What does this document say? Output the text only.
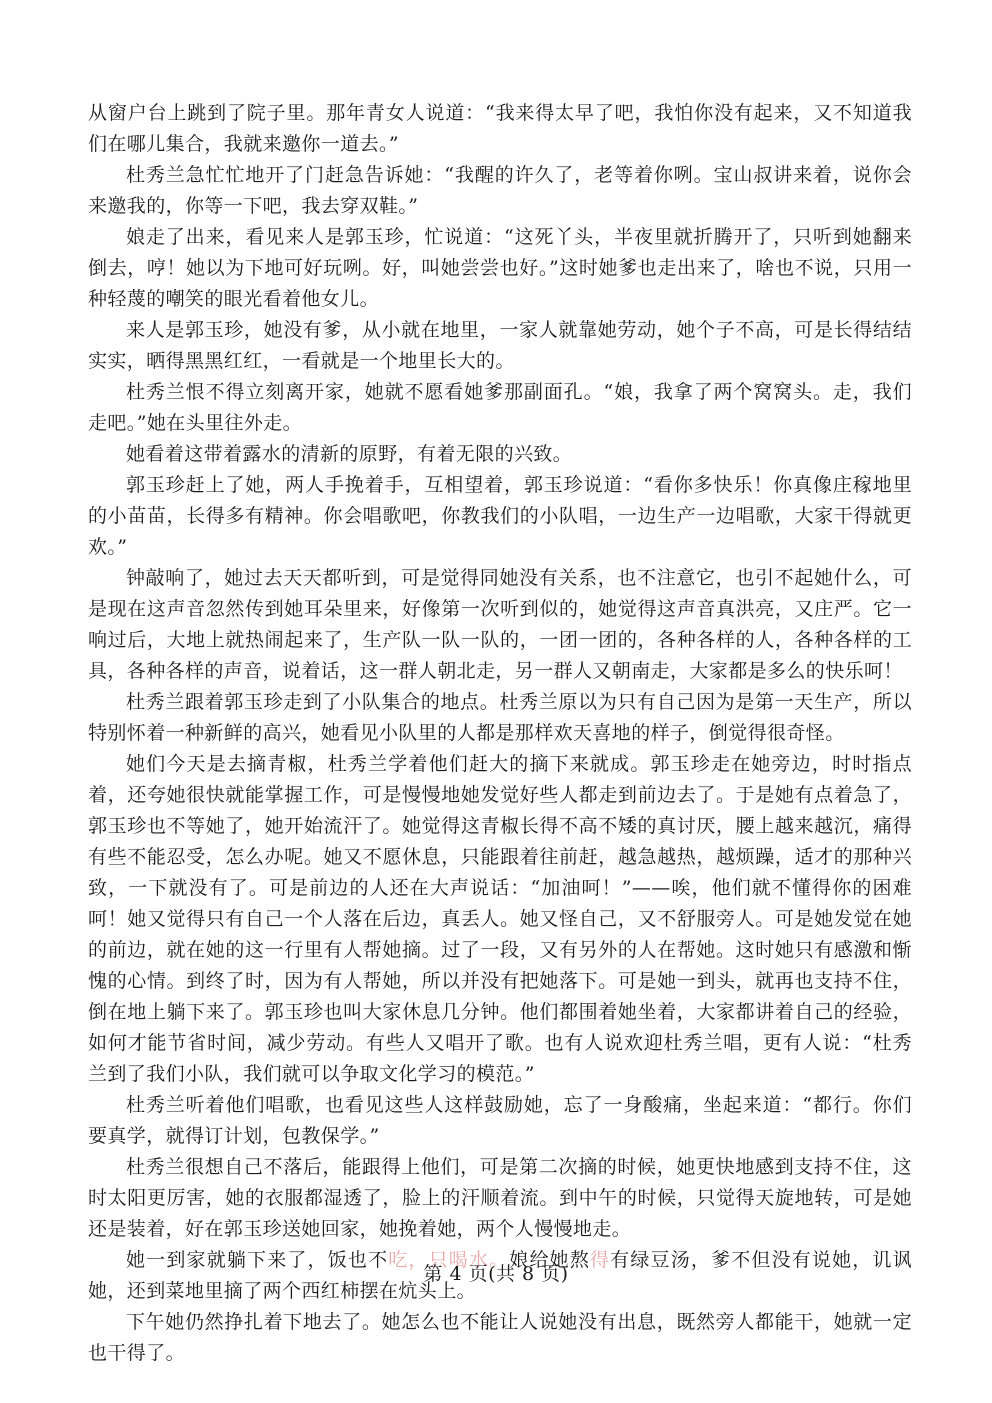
从窗户台上跳到了院子里。那年青女人说道：“我来得太早了吧，我怕你没有起来，又不知道我们在哪儿集合，我就来邀你一道去。”

杜秀兰急忙忙地开了门赶急告诉她：“我醒的许久了，老等着你咧。宝山叔讲来着，说你会来邀我的，你等一下吧，我去穿双鞋。”

娘走了出来，看见来人是郭玉珍，忙说道：“这死丫头，半夜里就折腾开了，只听到她翻来倒去，哼！她以为下地可好玩咧。好，叫她尝尝也好。”这时她爹也走出来了，啥也不说，只用一种轻蔑的嘲笑的眼光看着他女儿。

来人是郭玉珍，她没有爹，从小就在地里，一家人就靠她劳动，她个子不高，可是长得结结实实，晒得黑黑红红，一看就是一个地里长大的。

杜秀兰恨不得立刻离开家，她就不愿看她爹那副面孔。“娘，我拿了两个窝窝头。走，我们走吧。”她在头里往外走。

她看着这带着露水的清新的原野，有着无限的兴致。

郭玉珍赶上了她，两人手挽着手，互相望着，郭玉珍说道：“看你多快乐！你真像庄稼地里的小苗苗，长得多有精神。你会唱歌吧，你教我们的小队唱，一边生产一边唱歌，大家干得就更欢。”

钟敲响了，她过去天天都听到，可是觉得同她没有关系，也不注意它，也引不起她什么，可是现在这声音忽然传到她耳朵里来，好像第一次听到似的，她觉得这声音真洪亮，又庄严。它一响过后，大地上就热闹起来了，生产队一队一队的，一团一团的，各种各样的人，各种各样的工具，各种各样的声音，说着话，这一群人朝北走，另一群人又朝南走，大家都是多么的快乐呵！

杜秀兰跟着郭玉珍走到了小队集合的地点。杜秀兰原以为只有自己因为是第一天生产，所以特别怀着一种新鲜的高兴，她看见小队里的人都是那样欢天喜地的样子，倒觉得很奇怪。

她们今天是去摘青椒，杜秀兰学着他们赶大的摘下来就成。郭玉珍走在她旁边，时时指点着，还夸她很快就能掌握工作，可是慢慢地她发觉好些人都走到前边去了。于是她有点着急了，郭玉珍也不等她了，她开始流汗了。她觉得这青椒长得不高不矮的真讨厌，腰上越来越沉，痛得有些不能忍受，怎么办呢。她又不愿休息，只能跟着往前赶，越急越热，越烦躁，适才的那种兴致，一下就没有了。可是前边的人还在大声说话：“加油呵！”——唉，他们就不懂得你的困难呵！她又觉得只有自己一个人落在后边，真丢人。她又怪自己，又不舒服旁人。可是她发觉在她的前边，就在她的这一行里有人帮她摘。过了一段，又有另外的人在帮她。这时她只有感激和惭愧的心情。到终了时，因为有人帮她，所以并没有把她落下。可是她一到头，就再也支持不住，倒在地上躺下来了。郭玉珍也叫大家休息几分钟。他们都围着她坐着，大家都讲着自己的经验，如何才能节省时间，减少劳动。有些人又唱开了歌。也有人说欢迎杜秀兰唱，更有人说：“杜秀兰到了我们小队，我们就可以争取文化学习的模范。”

杜秀兰听着他们唱歌，也看见这些人这样鼓励她，忘了一身酸痛，坐起来道：“都行。你们要真学，就得订计划，包教保学。”

杜秀兰很想自己不落后，能跟得上他们，可是第二次摘的时候，她更快地感到支持不住，这时太阳更厉害，她的衣服都湿透了，脸上的汗顺着流。到中午的时候，只觉得天旋地转，可是她还是装着，好在郭玉珍送她回家，她挽着她，两个人慢慢地走。

她一到家就躺下来了，饭也不吃，只喝水。娘给她熬得有绿豆汤，爹不但没有说她，讥讽她，还到菜地里摘了两个西红柿摆在炕头上。

下午她仍然挣扎着下地去了。她怎么也不能让人说她没有出息，既然旁人都能干，她就一定也干得了。

第 4 页(共 8 页)
